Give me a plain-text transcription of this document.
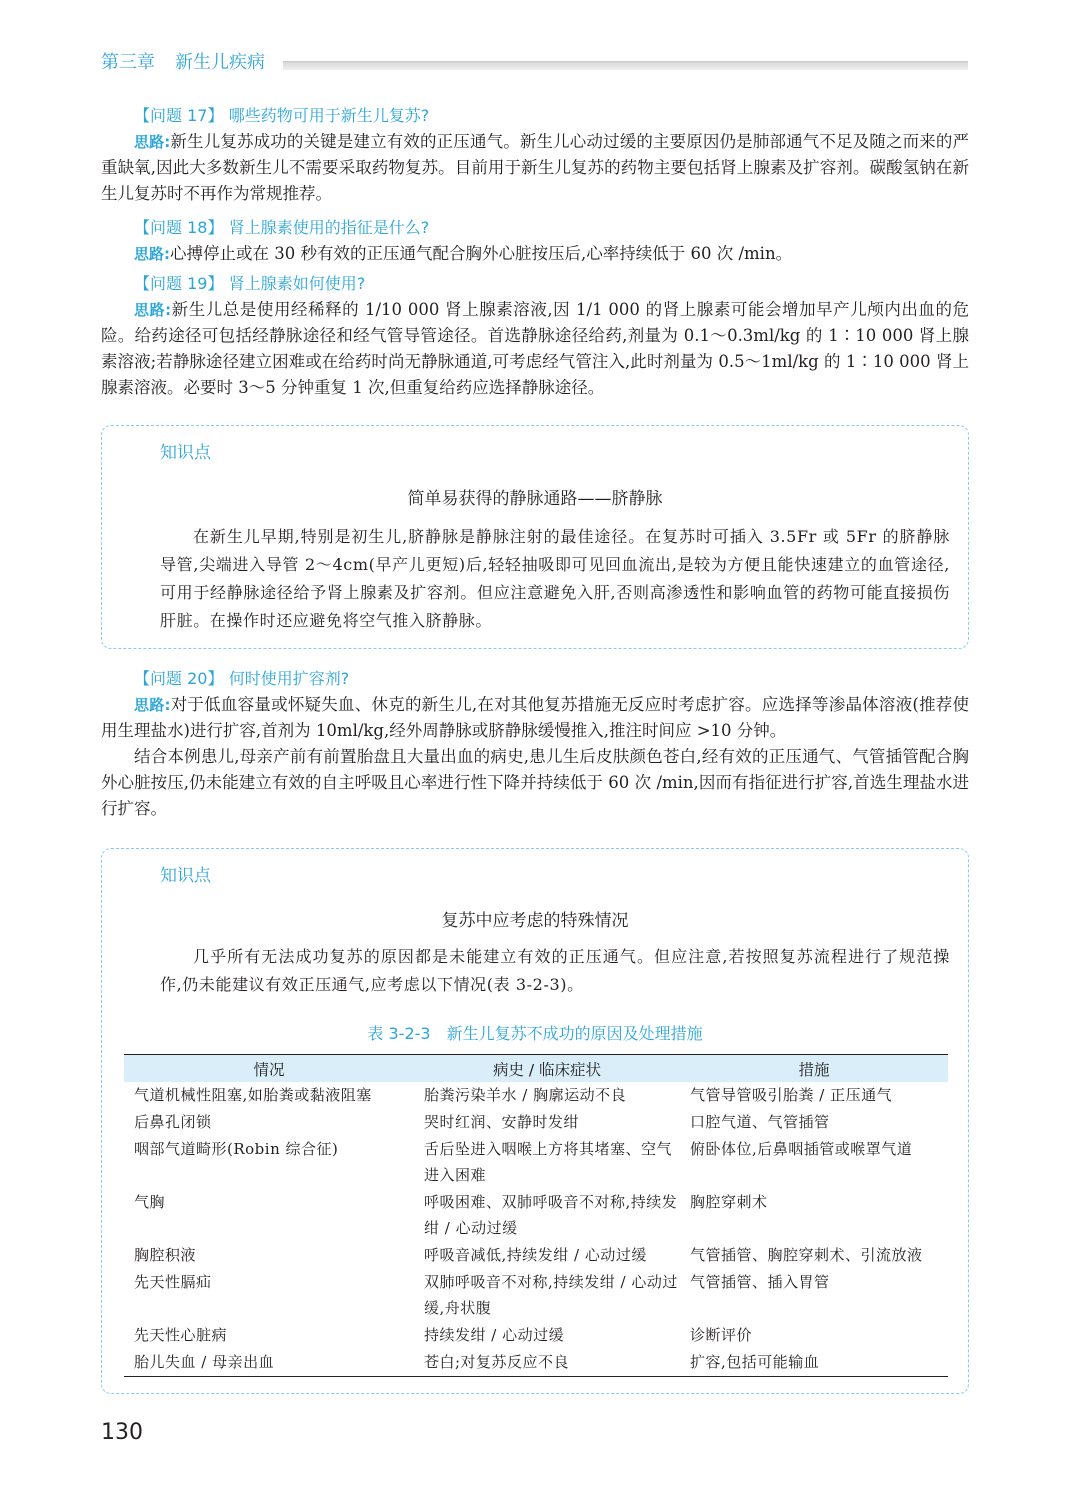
第三章 新生儿疾病

【问题 17】 哪些药物可用于新生儿复苏?

思路:新生儿复苏成功的关键是建立有效的正压通气。新生儿心动过缓的主要原因仍是肺部通气不足及随之而来的严重缺氧,因此大多数新生儿不需要采取药物复苏。目前用于新生儿复苏的药物主要包括肾上腺素及扩容剂。碳酸氢钠在新生儿复苏时不再作为常规推荐。

【问题 18】 肾上腺素使用的指征是什么?

思路:心搏停止或在 30 秒有效的正压通气配合胸外心脏按压后,心率持续低于 60 次 /min。

【问题 19】 肾上腺素如何使用?

思路:新生儿总是使用经稀释的 1/10 000 肾上腺素溶液,因 1/1 000 的肾上腺素可能会增加早产儿颅内出血的危险。给药途径可包括经静脉途径和经气管导管途径。首选静脉途径给药,剂量为 0.1～0.3ml/kg 的 1∶10 000 肾上腺素溶液;若静脉途径建立困难或在给药时尚无静脉通道,可考虑经气管注入,此时剂量为 0.5～1ml/kg 的 1∶10 000 肾上腺素溶液。必要时 3～5 分钟重复 1 次,但重复给药应选择静脉途径。

知识点
简单易获得的静脉通路——脐静脉
在新生儿早期,特别是初生儿,脐静脉是静脉注射的最佳途径。在复苏时可插入 3.5Fr 或 5Fr 的脐静脉导管,尖端进入导管 2～4cm(早产儿更短)后,轻轻抽吸即可见回血流出,是较为方便且能快速建立的血管途径,可用于经静脉途径给予肾上腺素及扩容剂。但应注意避免入肝,否则高渗透性和影响血管的药物可能直接损伤肝脏。在操作时还应避免将空气推入脐静脉。

【问题 20】 何时使用扩容剂?

思路:对于低血容量或怀疑失血、休克的新生儿,在对其他复苏措施无反应时考虑扩容。应选择等渗晶体溶液(推荐使用生理盐水)进行扩容,首剂为 10ml/kg,经外周静脉或脐静脉缓慢推入,推注时间应 >10 分钟。

结合本例患儿,母亲产前有前置胎盘且大量出血的病史,患儿生后皮肤颜色苍白,经有效的正压通气、气管插管配合胸外心脏按压,仍未能建立有效的自主呼吸且心率进行性下降并持续低于 60 次 /min,因而有指征进行扩容,首选生理盐水进行扩容。

知识点
复苏中应考虑的特殊情况
几乎所有无法成功复苏的原因都是未能建立有效的正压通气。但应注意,若按照复苏流程进行了规范操作,仍未能建议有效正压通气,应考虑以下情况(表 3-2-3)。
表 3-2-3　新生儿复苏不成功的原因及处理措施
情况	病史 / 临床症状	措施
气道机械性阻塞,如胎粪或黏液阻塞	胎粪污染羊水 / 胸廓运动不良	气管导管吸引胎粪 / 正压通气
后鼻孔闭锁	哭时红润、安静时发绀	口腔气道、气管插管
咽部气道畸形(Robin 综合征)	舌后坠进入咽喉上方将其堵塞、空气进入困难	俯卧体位,后鼻咽插管或喉罩气道
气胸	呼吸困难、双肺呼吸音不对称,持续发绀 / 心动过缓	胸腔穿刺术
胸腔积液	呼吸音减低,持续发绀 / 心动过缓	气管插管、胸腔穿刺术、引流放液
先天性膈疝	双肺呼吸音不对称,持续发绀 / 心动过缓,舟状腹	气管插管、插入胃管
先天性心脏病	持续发绀 / 心动过缓	诊断评价
胎儿失血 / 母亲出血	苍白;对复苏反应不良	扩容,包括可能输血
130
